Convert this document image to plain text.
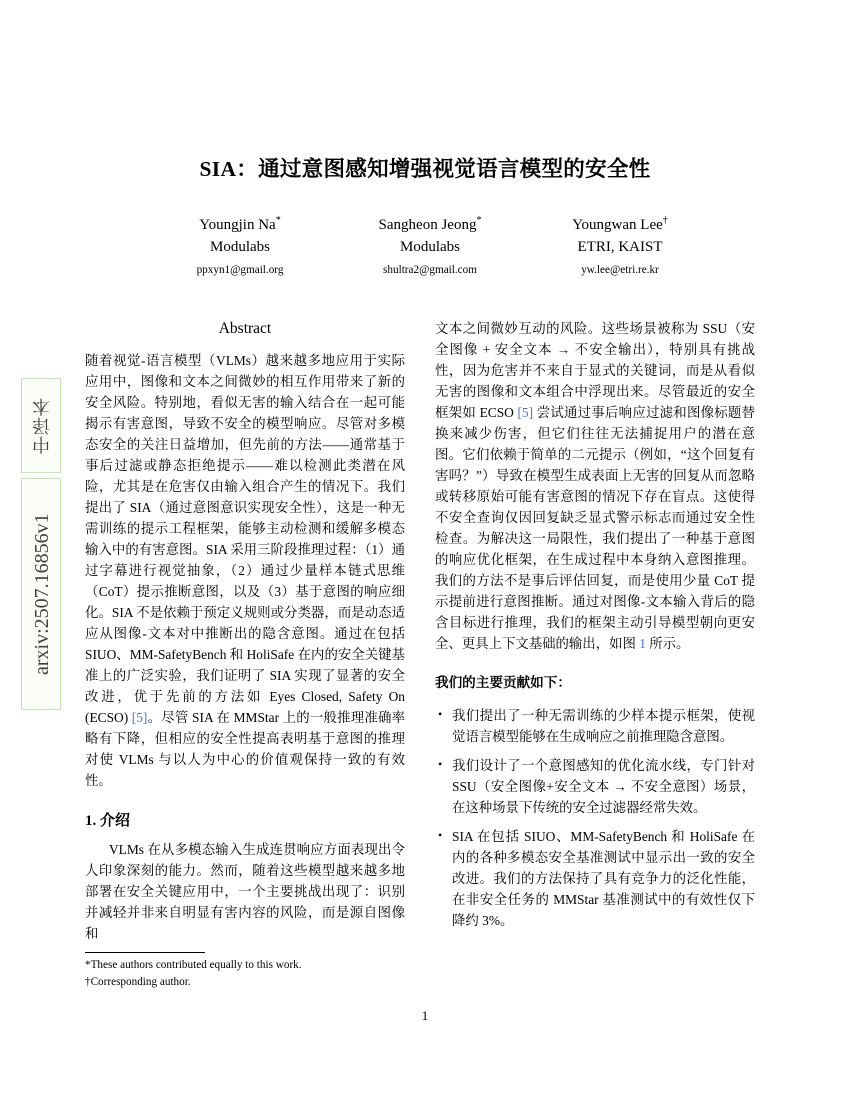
中译本
arxiv:2507.16856v1
SIA：通过意图感知增强视觉语言模型的安全性
Youngjin Na*
Modulabs
ppxyn1@gmail.org
Sangheon Jeong*
Modulabs
shultra2@gmail.com
Youngwan Lee†
ETRI, KAIST
yw.lee@etri.re.kr
Abstract

随着视觉-语言模型（VLMs）越来越多地应用于实际应用中，图像和文本之间微妙的相互作用带来了新的安全风险。特别地，看似无害的输入结合在一起可能揭示有害意图，导致不安全的模型响应。尽管对多模态安全的关注日益增加，但先前的方法——通常基于事后过滤或静态拒绝提示——难以检测此类潜在风险，尤其是在危害仅由输入组合产生的情况下。我们提出了 SIA（通过意图意识实现安全性），这是一种无需训练的提示工程框架，能够主动检测和缓解多模态输入中的有害意图。SIA 采用三阶段推理过程：（1）通过字幕进行视觉抽象，（2）通过少量样本链式思维（CoT）提示推断意图，以及（3）基于意图的响应细化。SIA 不是依赖于预定义规则或分类器，而是动态适应从图像-文本对中推断出的隐含意图。通过在包括 SIUO、MM-SafetyBench 和 HoliSafe 在内的安全关键基准上的广泛实验，我们证明了 SIA 实现了显著的安全改进，优于先前的方法如 Eyes Closed, Safety On (ECSO) [5]。尽管 SIA 在 MMStar 上的一般推理准确率略有下降，但相应的安全性提高表明基于意图的推理对使 VLMs 与以人为中心的价值观保持一致的有效性。

1. 介绍

VLMs 在从多模态输入生成连贯响应方面表现出令人印象深刻的能力。然而，随着这些模型越来越多地部署在安全关键应用中，一个主要挑战出现了：识别并减轻并非来自明显有害内容的风险，而是源自图像和

文本之间微妙互动的风险。这些场景被称为 SSU（安全图像 + 安全文本 → 不安全输出），特别具有挑战性，因为危害并不来自于显式的关键词，而是从看似无害的图像和文本组合中浮现出来。尽管最近的安全框架如 ECSO [5] 尝试通过事后响应过滤和图像标题替换来减少伤害，但它们往往无法捕捉用户的潜在意图。它们依赖于简单的二元提示（例如，“这个回复有害吗？”）导致在模型生成表面上无害的回复从而忽略或转移原始可能有害意图的情况下存在盲点。这使得不安全查询仅因回复缺乏显式警示标志而通过安全性检查。为解决这一局限性，我们提出了一种基于意图的响应优化框架，在生成过程中本身纳入意图推理。我们的方法不是事后评估回复，而是使用少量 CoT 提示提前进行意图推断。通过对图像-文本输入背后的隐含目标进行推理，我们的框架主动引导模型朝向更安全、更具上下文基础的输出，如图 1 所示。

我们的主要贡献如下：
• 我们提出了一种无需训练的少样本提示框架，使视觉语言模型能够在生成响应之前推理隐含意图。
• 我们设计了一个意图感知的优化流水线，专门针对 SSU（安全图像+安全文本 → 不安全意图）场景，在这种场景下传统的安全过滤器经常失效。
• SIA 在包括 SIUO、MM-SafetyBench 和 HoliSafe 在内的各种多模态安全基准测试中显示出一致的安全改进。我们的方法保持了具有竞争力的泛化性能，在非安全任务的 MMStar 基准测试中的有效性仅下降约 3%。
*These authors contributed equally to this work.
†Corresponding author.
1
